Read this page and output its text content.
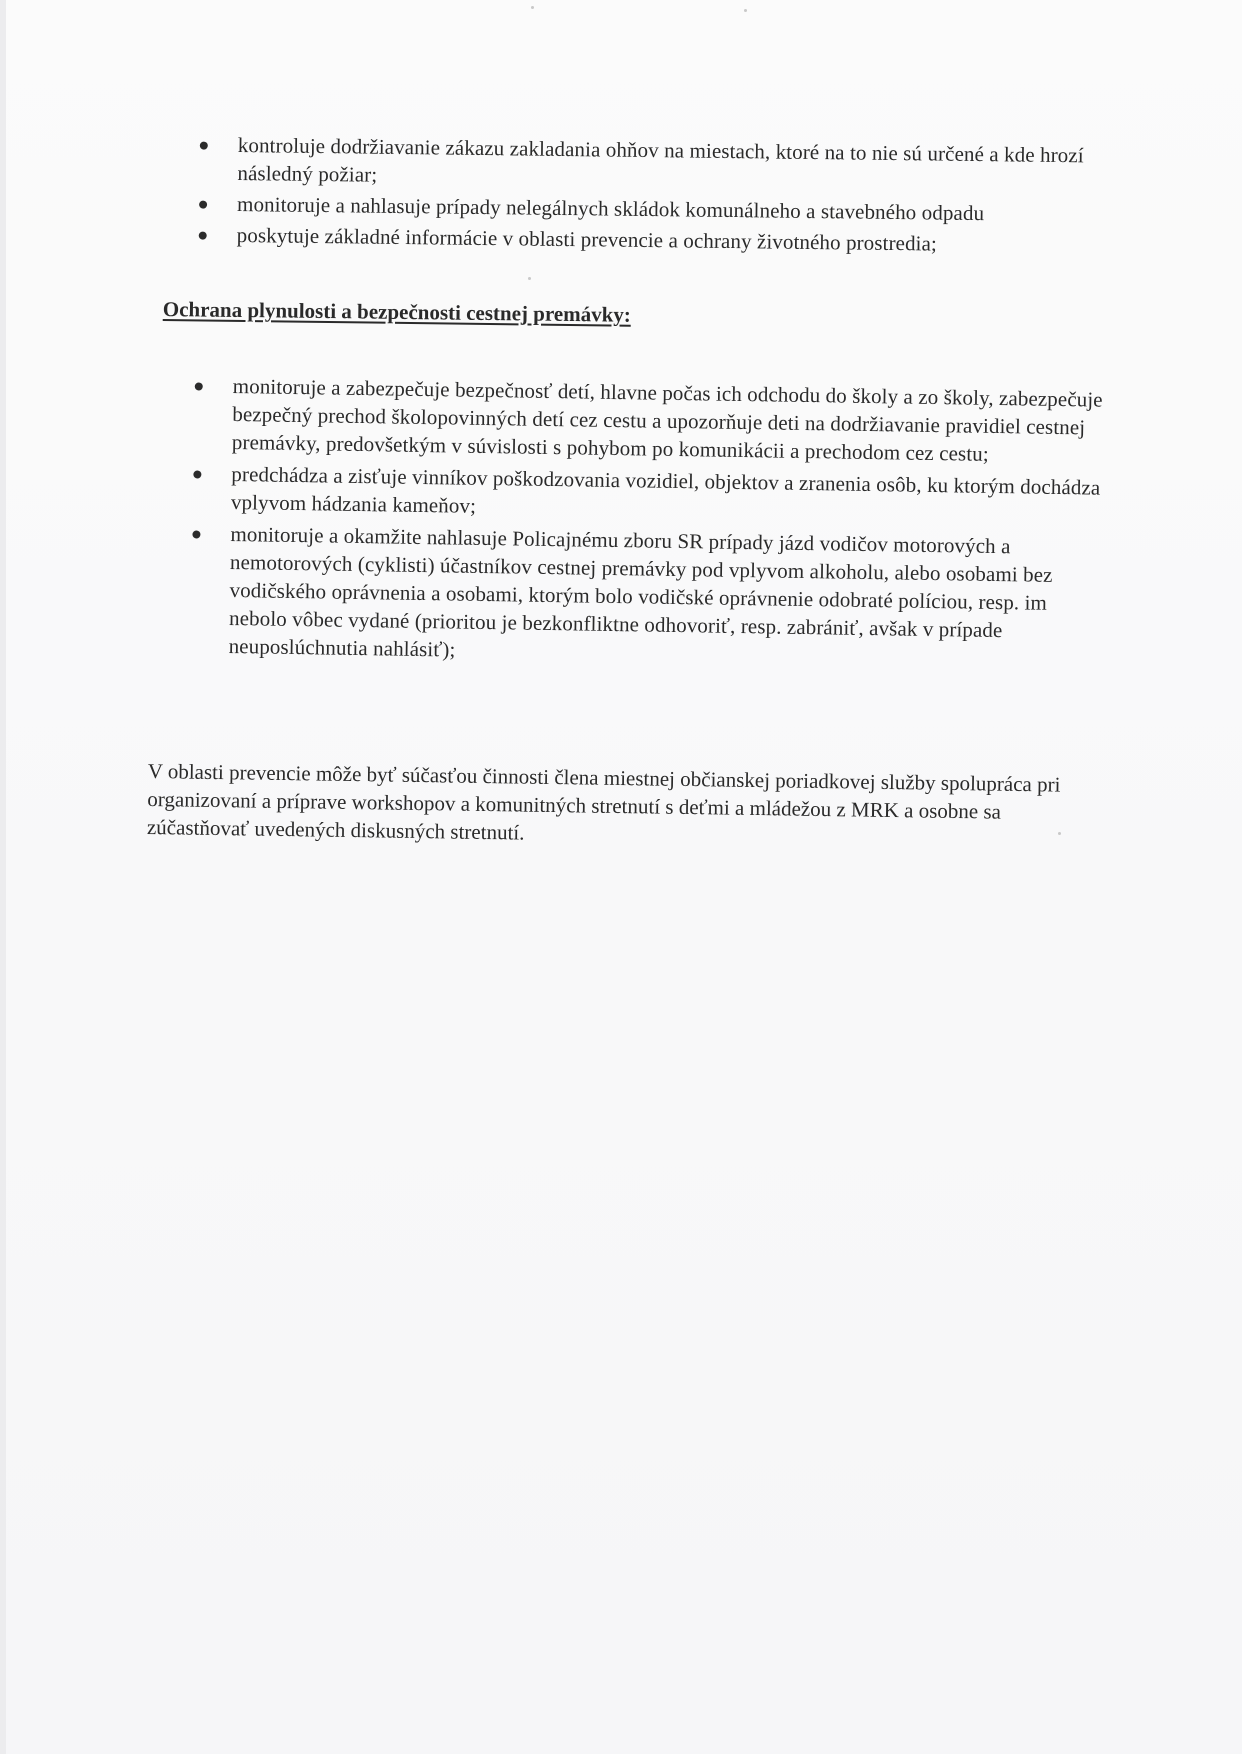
kontroluje dodržiavanie zákazu zakladania ohňov na miestach, ktoré na to nie sú určené a kde hrozí následný požiar;
monitoruje a nahlasuje prípady nelegálnych skládok komunálneho a stavebného odpadu
poskytuje základné informácie v oblasti prevencie a ochrany životného prostredia;
Ochrana plynulosti a bezpečnosti cestnej premávky:
monitoruje a zabezpečuje bezpečnosť detí, hlavne počas ich odchodu do školy a zo školy, zabezpečuje bezpečný prechod školopovinných detí cez cestu a upozorňuje deti na dodržiavanie pravidiel cestnej premávky, predovšetkým v súvislosti s pohybom po komunikácii a prechodom cez cestu;
predchádza a zisťuje vinníkov poškodzovania vozidiel, objektov a zranenia osôb, ku ktorým dochádza vplyvom hádzania kameňov;
monitoruje a okamžite nahlasuje Policajnému zboru SR prípady jázd vodičov motorových a nemotorových (cyklisti) účastníkov cestnej premávky pod vplyvom alkoholu, alebo osobami bez vodičského oprávnenia a osobami, ktorým bolo vodičské oprávnenie odobraté políciou, resp. im nebolo vôbec vydané (prioritou je bezkonfliktne odhovoriť, resp. zabrániť, avšak v prípade neuposlúchnutia nahlásiť);

V oblasti prevencie môže byť súčasťou činnosti člena miestnej občianskej poriadkovej služby spolupráca pri organizovaní a príprave workshopov a komunitných stretnutí s deťmi a mládežou z MRK a osobne sa zúčastňovať uvedených diskusných stretnutí.
